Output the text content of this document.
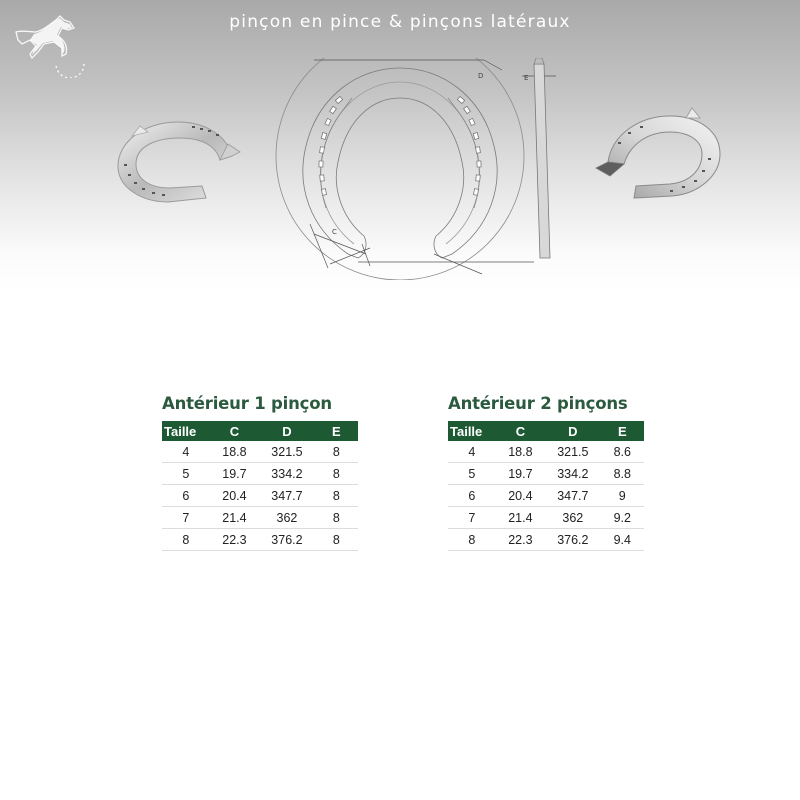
pinçon en pince & pinçons latéraux
D	E
C
Antérieur 1 pinçon
Taille	C	D	E
4	18.8	321.5	8
5	19.7	334.2	8
6	20.4	347.7	8
7	21.4	362	8
8	22.3	376.2	8
Antérieur 2 pinçons
Taille	C	D	E
4	18.8	321.5	8.6
5	19.7	334.2	8.8
6	20.4	347.7	9
7	21.4	362	9.2
8	22.3	376.2	9.4
